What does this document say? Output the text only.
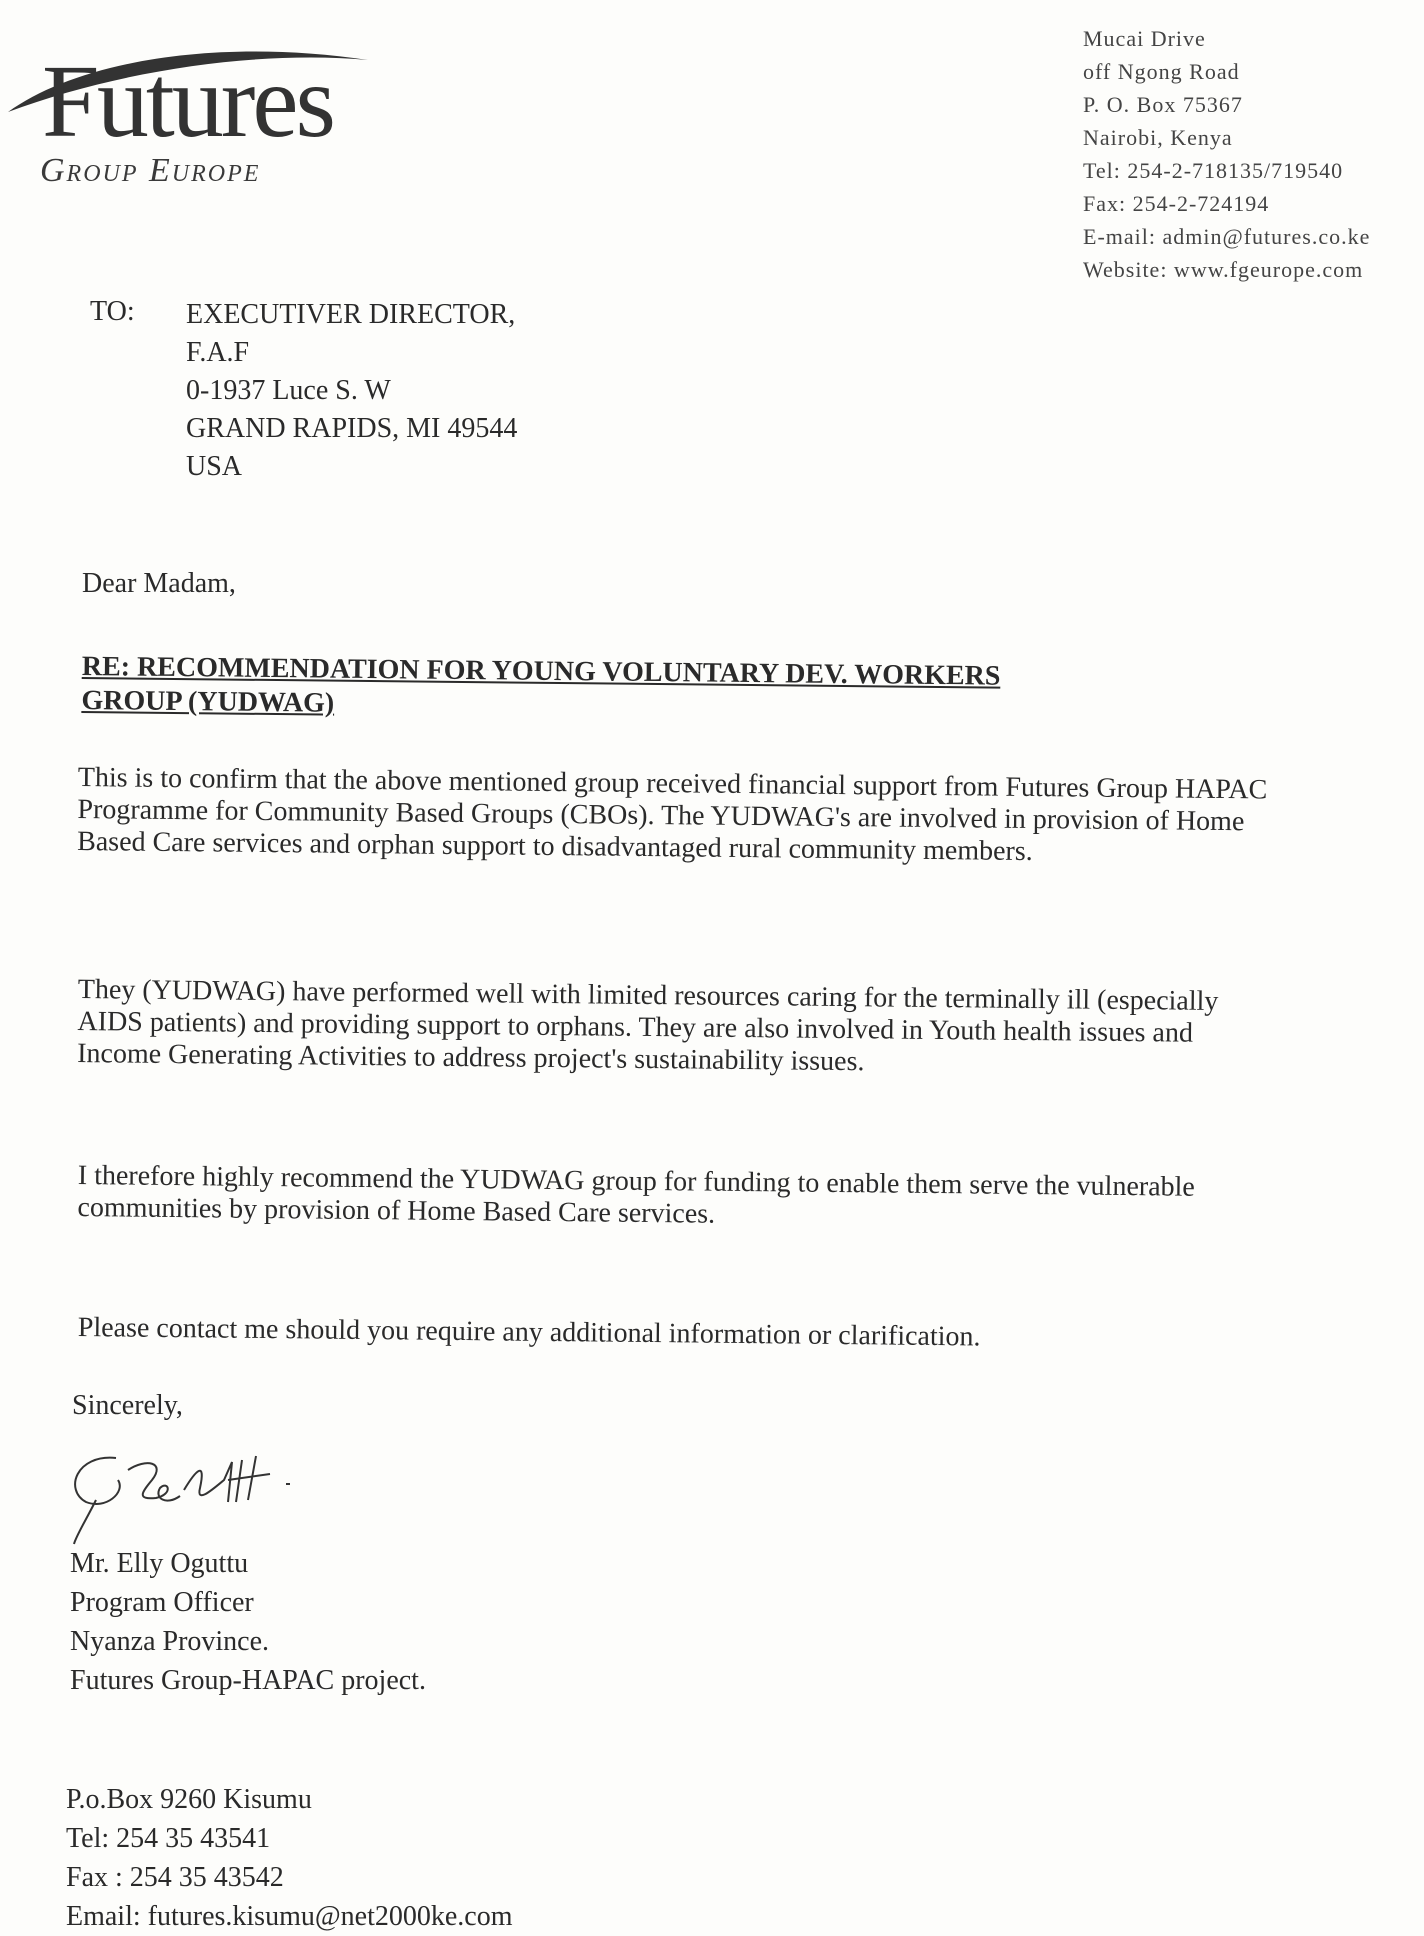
Futures
Group Europe
Mucai Drive
off Ngong Road
P. O. Box 75367
Nairobi, Kenya
Tel: 254-2-718135/719540
Fax: 254-2-724194
E-mail: admin@futures.co.ke
Website: www.fgeurope.com
TO: EXECUTIVER DIRECTOR,
F.A.F
0-1937 Luce S. W
GRAND RAPIDS, MI 49544
USA
Dear Madam,
RE: RECOMMENDATION FOR YOUNG VOLUNTARY DEV. WORKERS
GROUP (YUDWAG)
This is to confirm that the above mentioned group received financial support from Futures Group HAPAC Programme for Community Based Groups (CBOs). The YUDWAG's are involved in provision of Home Based Care services and orphan support to disadvantaged rural community members.
They (YUDWAG) have performed well with limited resources caring for the terminally ill (especially AIDS patients) and providing support to orphans. They are also involved in Youth health issues and Income Generating Activities to address project's sustainability issues.
I therefore highly recommend the YUDWAG group for funding to enable them serve the vulnerable communities by provision of Home Based Care services.
Please contact me should you require any additional information or clarification.
Sincerely,
Mr. Elly Oguttu
Program Officer
Nyanza Province.
Futures Group-HAPAC project.
P.o.Box 9260 Kisumu
Tel: 254 35 43541
Fax : 254 35 43542
Email: futures.kisumu@net2000ke.com
